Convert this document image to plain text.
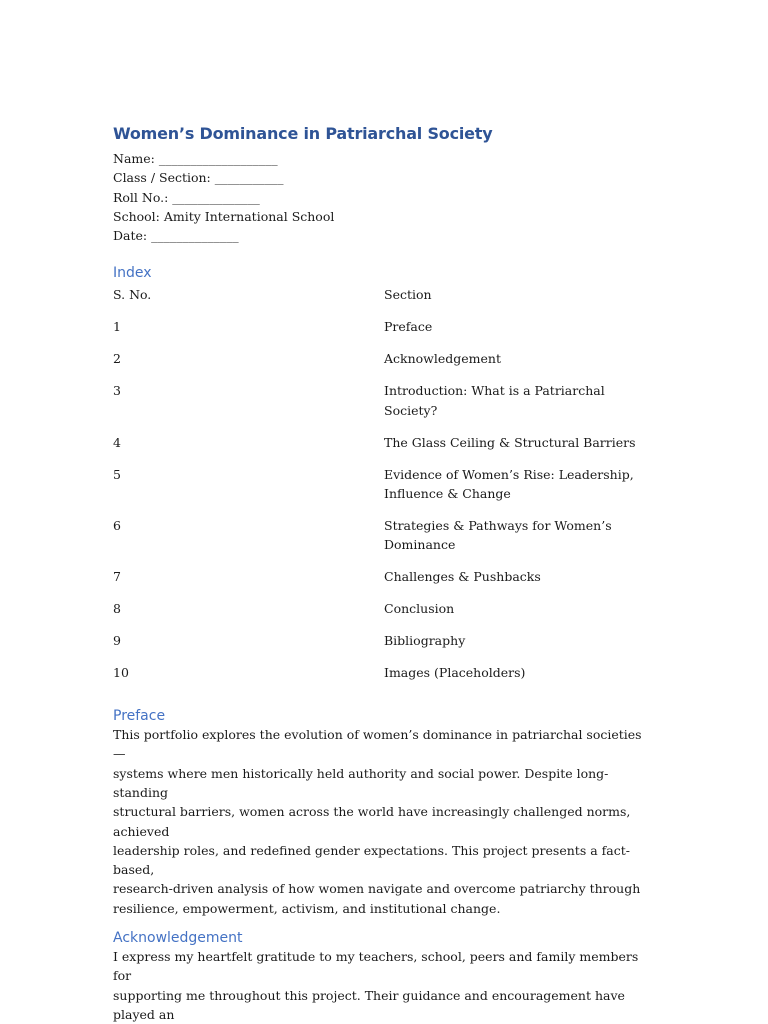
Women’s Dominance in Patriarchal Society
Name: ___________________
Class / Section: ___________
Roll No.: ______________
School: Amity International School
Date: ______________
Index
S. No.	Section
1	Preface
2	Acknowledgement
3	Introduction: What is a Patriarchal Society?
4	The Glass Ceiling & Structural Barriers
5	Evidence of Women’s Rise: Leadership, Influence & Change
6	Strategies & Pathways for Women’s Dominance
7	Challenges & Pushbacks
8	Conclusion
9	Bibliography
10	Images (Placeholders)
Preface
This portfolio explores the evolution of women’s dominance in patriarchal societies—
systems where men historically held authority and social power. Despite long-standing
structural barriers, women across the world have increasingly challenged norms, achieved
leadership roles, and redefined gender expectations. This project presents a fact-based,
research-driven analysis of how women navigate and overcome patriarchy through
resilience, empowerment, activism, and institutional change.
Acknowledgement
I express my heartfelt gratitude to my teachers, school, peers and family members for
supporting me throughout this project. Their guidance and encouragement have played an
